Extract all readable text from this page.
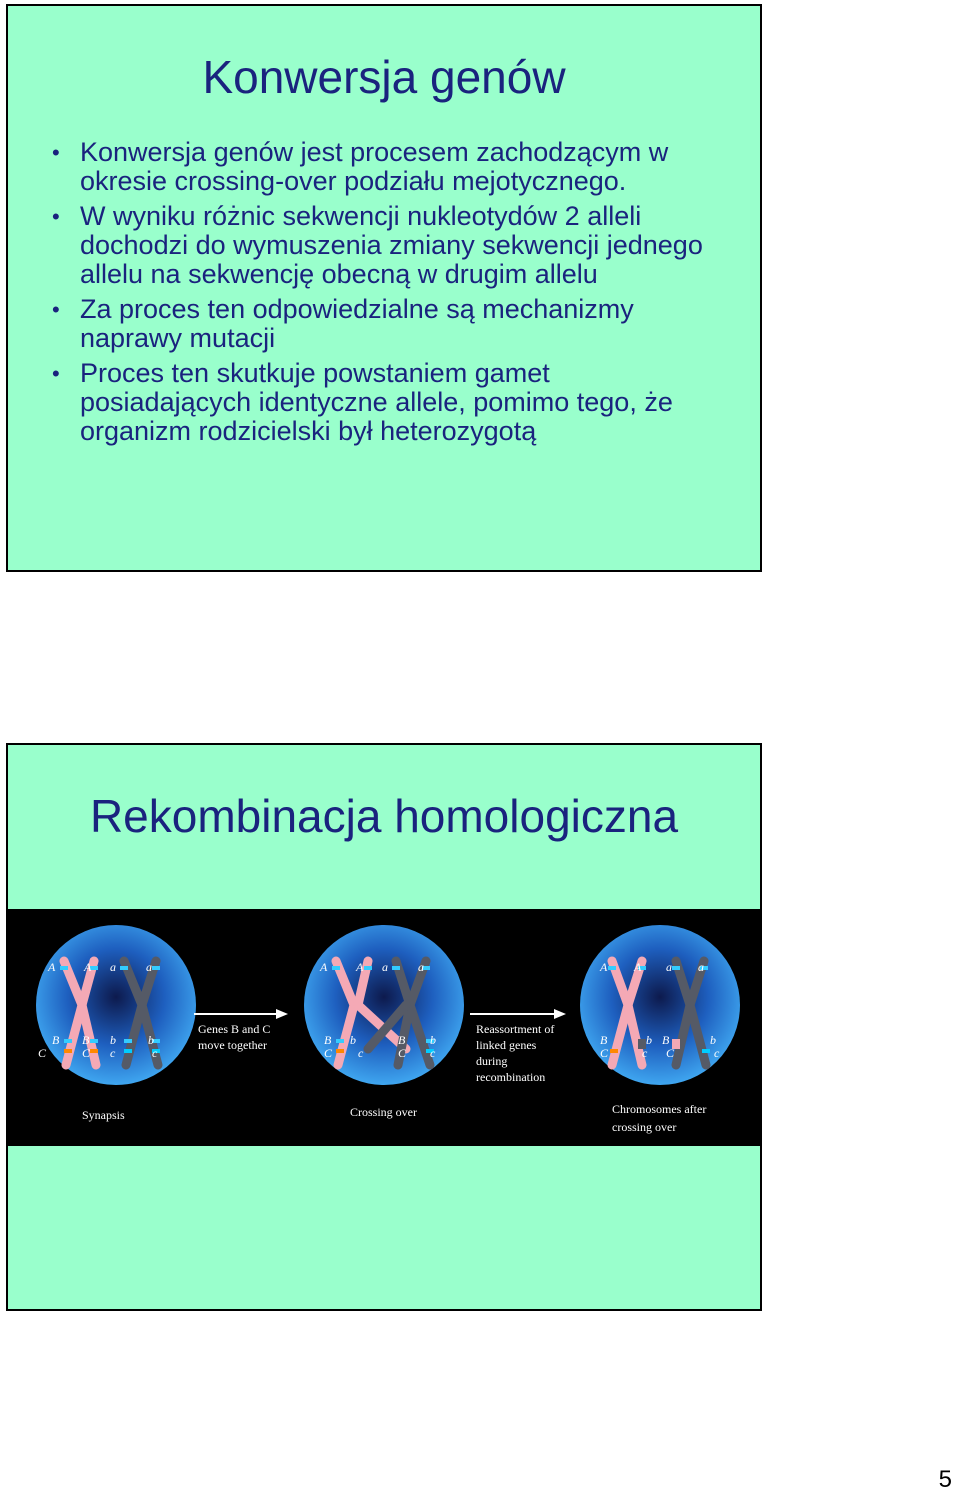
Konwersja genów
• Konwersja genów jest procesem zachodzącym w okresie crossing-over podziału mejotycznego.
• W wyniku różnic sekwencji nukleotydów 2 alleli dochodzi do wymuszenia zmiany sekwencji jednego allelu na sekwencję obecną w drugim allelu
• Za proces ten odpowiedzialne są mechanizmy naprawy mutacji
• Proces ten skutkuje powstaniem gamet posiadających identyczne allele, pomimo tego, że organizm rodzicielski był heterozygotą
Rekombinacja homologiczna
A A a	a
B B b	b
C	C c	c
Genes B and C move together
A A a	a
B b	B b
C c	C c
Reassortment of linked genes during recombination
A A a a
B	b B	b
C	c C	c
Synapsis	Crossing over	Chromosomes after crossing over
5
